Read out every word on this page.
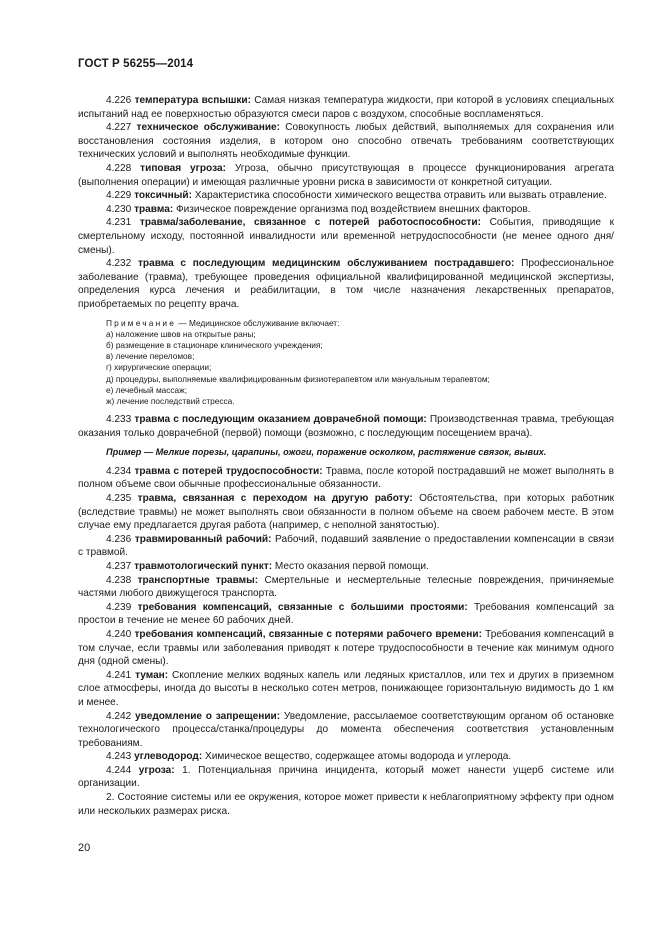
ГОСТ Р 56255—2014

4.226 температура вспышки: Самая низкая температура жидкости, при которой в условиях специальных испытаний над ее поверхностью образуются смеси паров с воздухом, способные воспламеняться.

4.227 техническое обслуживание: Совокупность любых действий, выполняемых для сохранения или восстановления состояния изделия, в котором оно способно отвечать требованиям соответствующих технических условий и выполнять необходимые функции.

4.228 типовая угроза: Угроза, обычно присутствующая в процессе функционирования агрегата (выполнения операции) и имеющая различные уровни риска в зависимости от конкретной ситуации.

4.229 токсичный: Характеристика способности химического вещества отравить или вызвать отравление.

4.230 травма: Физическое повреждение организма под воздействием внешних факторов.

4.231 травма/заболевание, связанное с потерей работоспособности: События, приводящие к смертельному исходу, постоянной инвалидности или временной нетрудоспособности (не менее одного дня/смены).

4.232 травма с последующим медицинским обслуживанием пострадавшего: Профессиональное заболевание (травма), требующее проведения официальной квалифицированной медицинской экспертизы, определения курса лечения и реабилитации, в том числе назначения лекарственных препаратов, приобретаемых по рецепту врача.

Примечание — Медицинское обслуживание включает:
а) наложение швов на открытые раны;
б) размещение в стационаре клинического учреждения;
в) лечение переломов;
г) хирургические операции;
д) процедуры, выполняемые квалифицированным физиотерапевтом или мануальным терапевтом;
е) лечебный массаж;
ж) лечение последствий стресса.

4.233 травма с последующим оказанием доврачебной помощи: Производственная травма, требующая оказания только доврачебной (первой) помощи (возможно, с последующим посещением врача).

Пример — Мелкие порезы, царапины, ожоги, поражение осколком, растяжение связок, вывих.

4.234 травма с потерей трудоспособности: Травма, после которой пострадавший не может выполнять в полном объеме свои обычные профессиональные обязанности.

4.235 травма, связанная с переходом на другую работу: Обстоятельства, при которых работник (вследствие травмы) не может выполнять свои обязанности в полном объеме на своем рабочем месте. В этом случае ему предлагается другая работа (например, с неполной занятостью).

4.236 травмированный рабочий: Рабочий, подавший заявление о предоставлении компенсации в связи с травмой.

4.237 травмотологический пункт: Место оказания первой помощи.

4.238 транспортные травмы: Смертельные и несмертельные телесные повреждения, причиняемые частями любого движущегося транспорта.

4.239 требования компенсаций, связанные с большими простоями: Требования компенсаций за простои в течение не менее 60 рабочих дней.

4.240 требования компенсаций, связанные с потерями рабочего времени: Требования компенсаций в том случае, если травмы или заболевания приводят к потере трудоспособности в течение как минимум одного дня (одной смены).

4.241 туман: Скопление мелких водяных капель или ледяных кристаллов, или тех и других в приземном слое атмосферы, иногда до высоты в несколько сотен метров, понижающее горизонтальную видимость до 1 км и менее.

4.242 уведомление о запрещении: Уведомление, рассылаемое соответствующим органом об остановке технологического процесса/станка/процедуры до момента обеспечения соответствия установленным требованиям.

4.243 углеводород: Химическое вещество, содержащее атомы водорода и углерода.

4.244 угроза: 1. Потенциальная причина инцидента, который может нанести ущерб системе или организации.

2. Состояние системы или ее окружения, которое может привести к неблагоприятному эффекту при одном или нескольких размерах риска.

20
